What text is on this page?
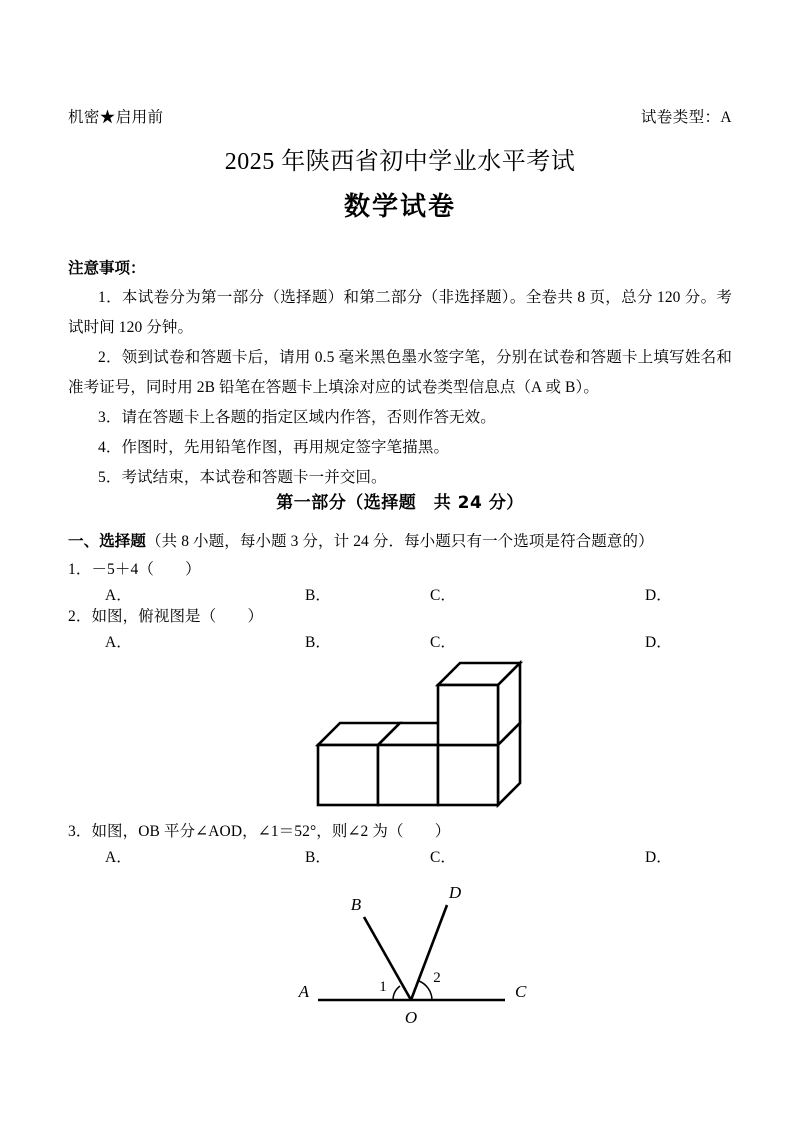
机密★启用前	试卷类型：A
2025 年陕西省初中学业水平考试
数学试卷
注意事项：
1．本试卷分为第一部分（选择题）和第二部分（非选择题）。全卷共 8 页，总分 120 分。考试时间 120 分钟。
2．领到试卷和答题卡后，请用 0.5 毫米黑色墨水签字笔，分别在试卷和答题卡上填写姓名和准考证号，同时用 2B 铅笔在答题卡上填涂对应的试卷类型信息点（A 或 B）。
3．请在答题卡上各题的指定区域内作答，否则作答无效。
4．作图时，先用铅笔作图，再用规定签字笔描黑。
5．考试结束，本试卷和答题卡一并交回。
第一部分（选择题　共 24 分）
一、选择题（共 8 小题，每小题 3 分，计 24 分．每小题只有一个选项是符合题意的）
1．－5＋4（　　）
A．	B．	C．	D．
2．如图，俯视图是（　　）
A．	B．	C．	D．
3．如图，OB 平分∠AOD，∠1＝52°，则∠2 为（　　）
A．	B．	C．	D．
A
B
C
D
O
1
2
